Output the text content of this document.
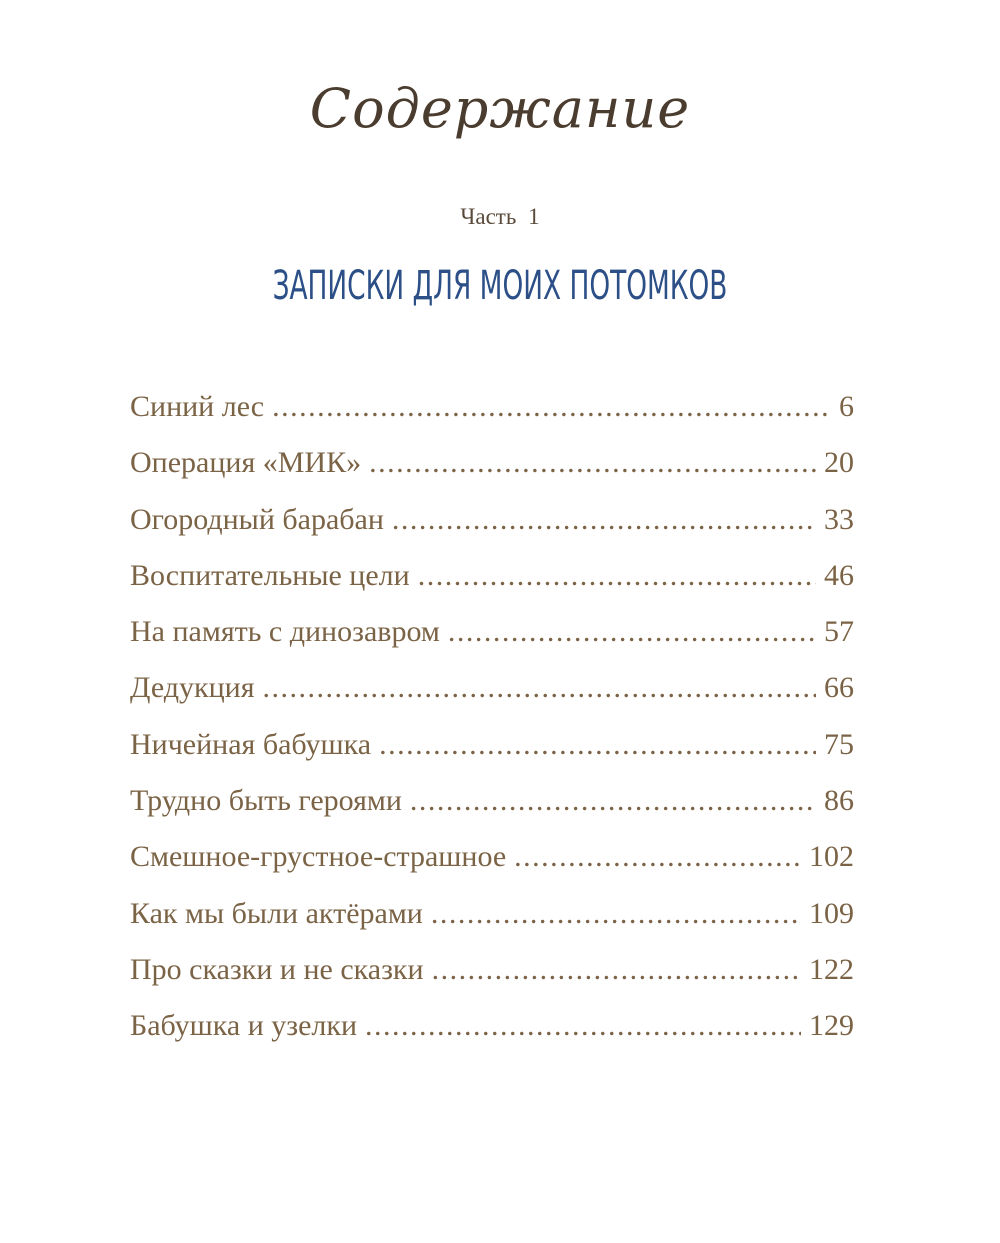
Содержание
Часть 1
ЗАПИСКИ ДЛЯ МОИХ ПОТОМКОВ
Синий лес . . .	6
Операция «МИК» . . .	20
Огородный барабан . . .	33
Воспитательные цели . . .	46
На память с динозавром . . .	57
Дедукция . . .	66
Ничейная бабушка . . .	75
Трудно быть героями . . .	86
Смешное-грустное-страшное . . .	102
Как мы были актёрами . . .	109
Про сказки и не сказки . . .	122
Бабушка и узелки . . .	129
